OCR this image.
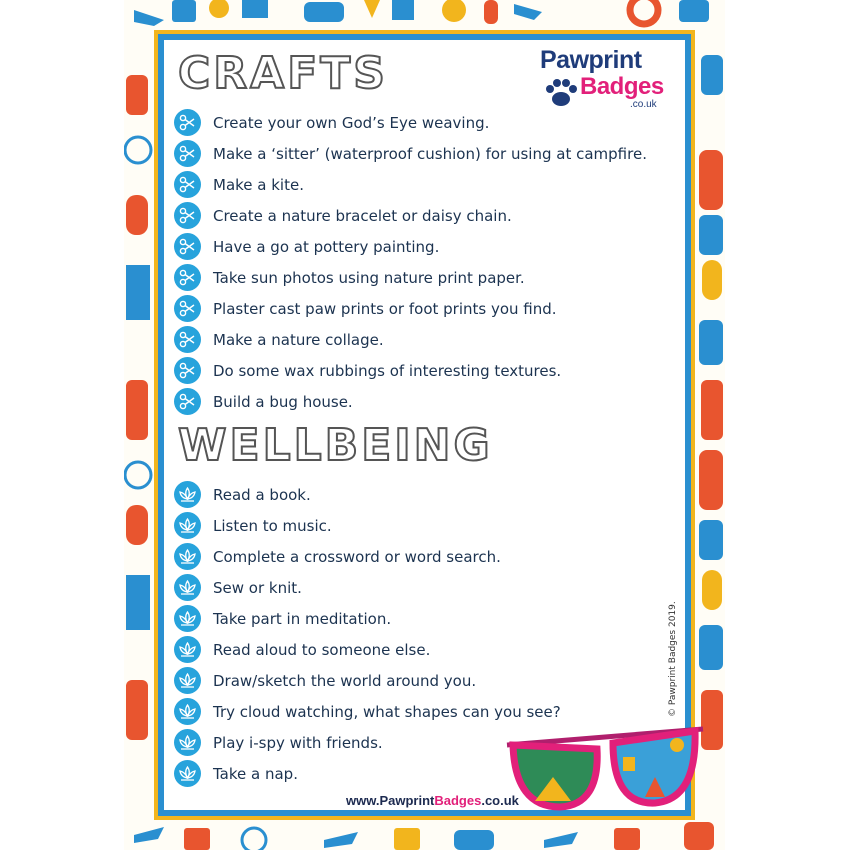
Pawprint
Badges
.co.uk
CRAFTS
Create your own God’s Eye weaving.
Make a ‘sitter’ (waterproof cushion) for using at campfire.
Make a kite.
Create a nature bracelet or daisy chain.
Have a go at pottery painting.
Take sun photos using nature print paper.
Plaster cast paw prints or foot prints you find.
Make a nature collage.
Do some wax rubbings of interesting textures.
Build a bug house.
WELLBEING
Read a book.
Listen to music.
Complete a crossword or word search.
Sew or knit.
Take part in meditation.
Read aloud to someone else.
Draw/sketch the world around you.
Try cloud watching, what shapes can you see?
Play i-spy with friends.
Take a nap.
© Pawprint Badges 2019.
www.PawprintBadges.co.uk
